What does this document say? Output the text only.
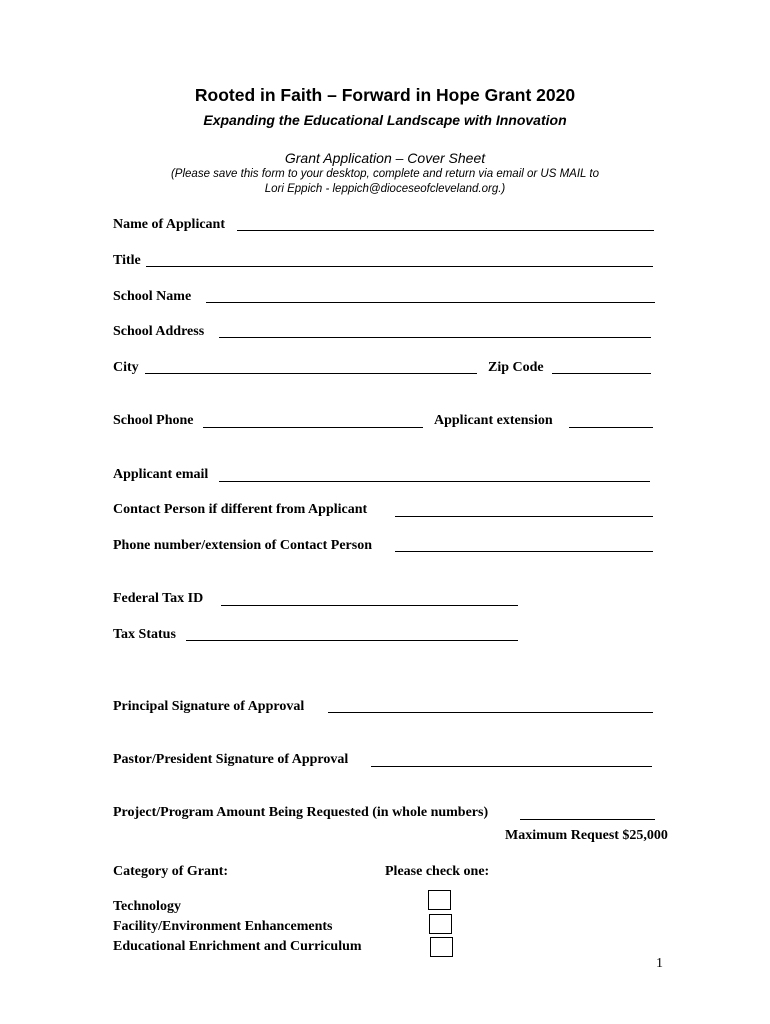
Rooted in Faith – Forward in Hope Grant 2020
Expanding the Educational Landscape with Innovation
Grant Application – Cover Sheet
(Please save this form to your desktop, complete and return via email or US MAIL to
Lori Eppich - leppich@dioceseofcleveland.org.)
Name of Applicant
Title
School Name
School Address
City	Zip Code
School Phone	Applicant extension
Applicant email
Contact Person if different from Applicant
Phone number/extension of Contact Person
Federal Tax ID
Tax Status
Principal Signature of Approval
Pastor/President Signature of Approval
Project/Program Amount Being Requested (in whole numbers)
Maximum Request $25,000
Category of Grant:	Please check one:
Technology
Facility/Environment Enhancements
Educational Enrichment and Curriculum
1
